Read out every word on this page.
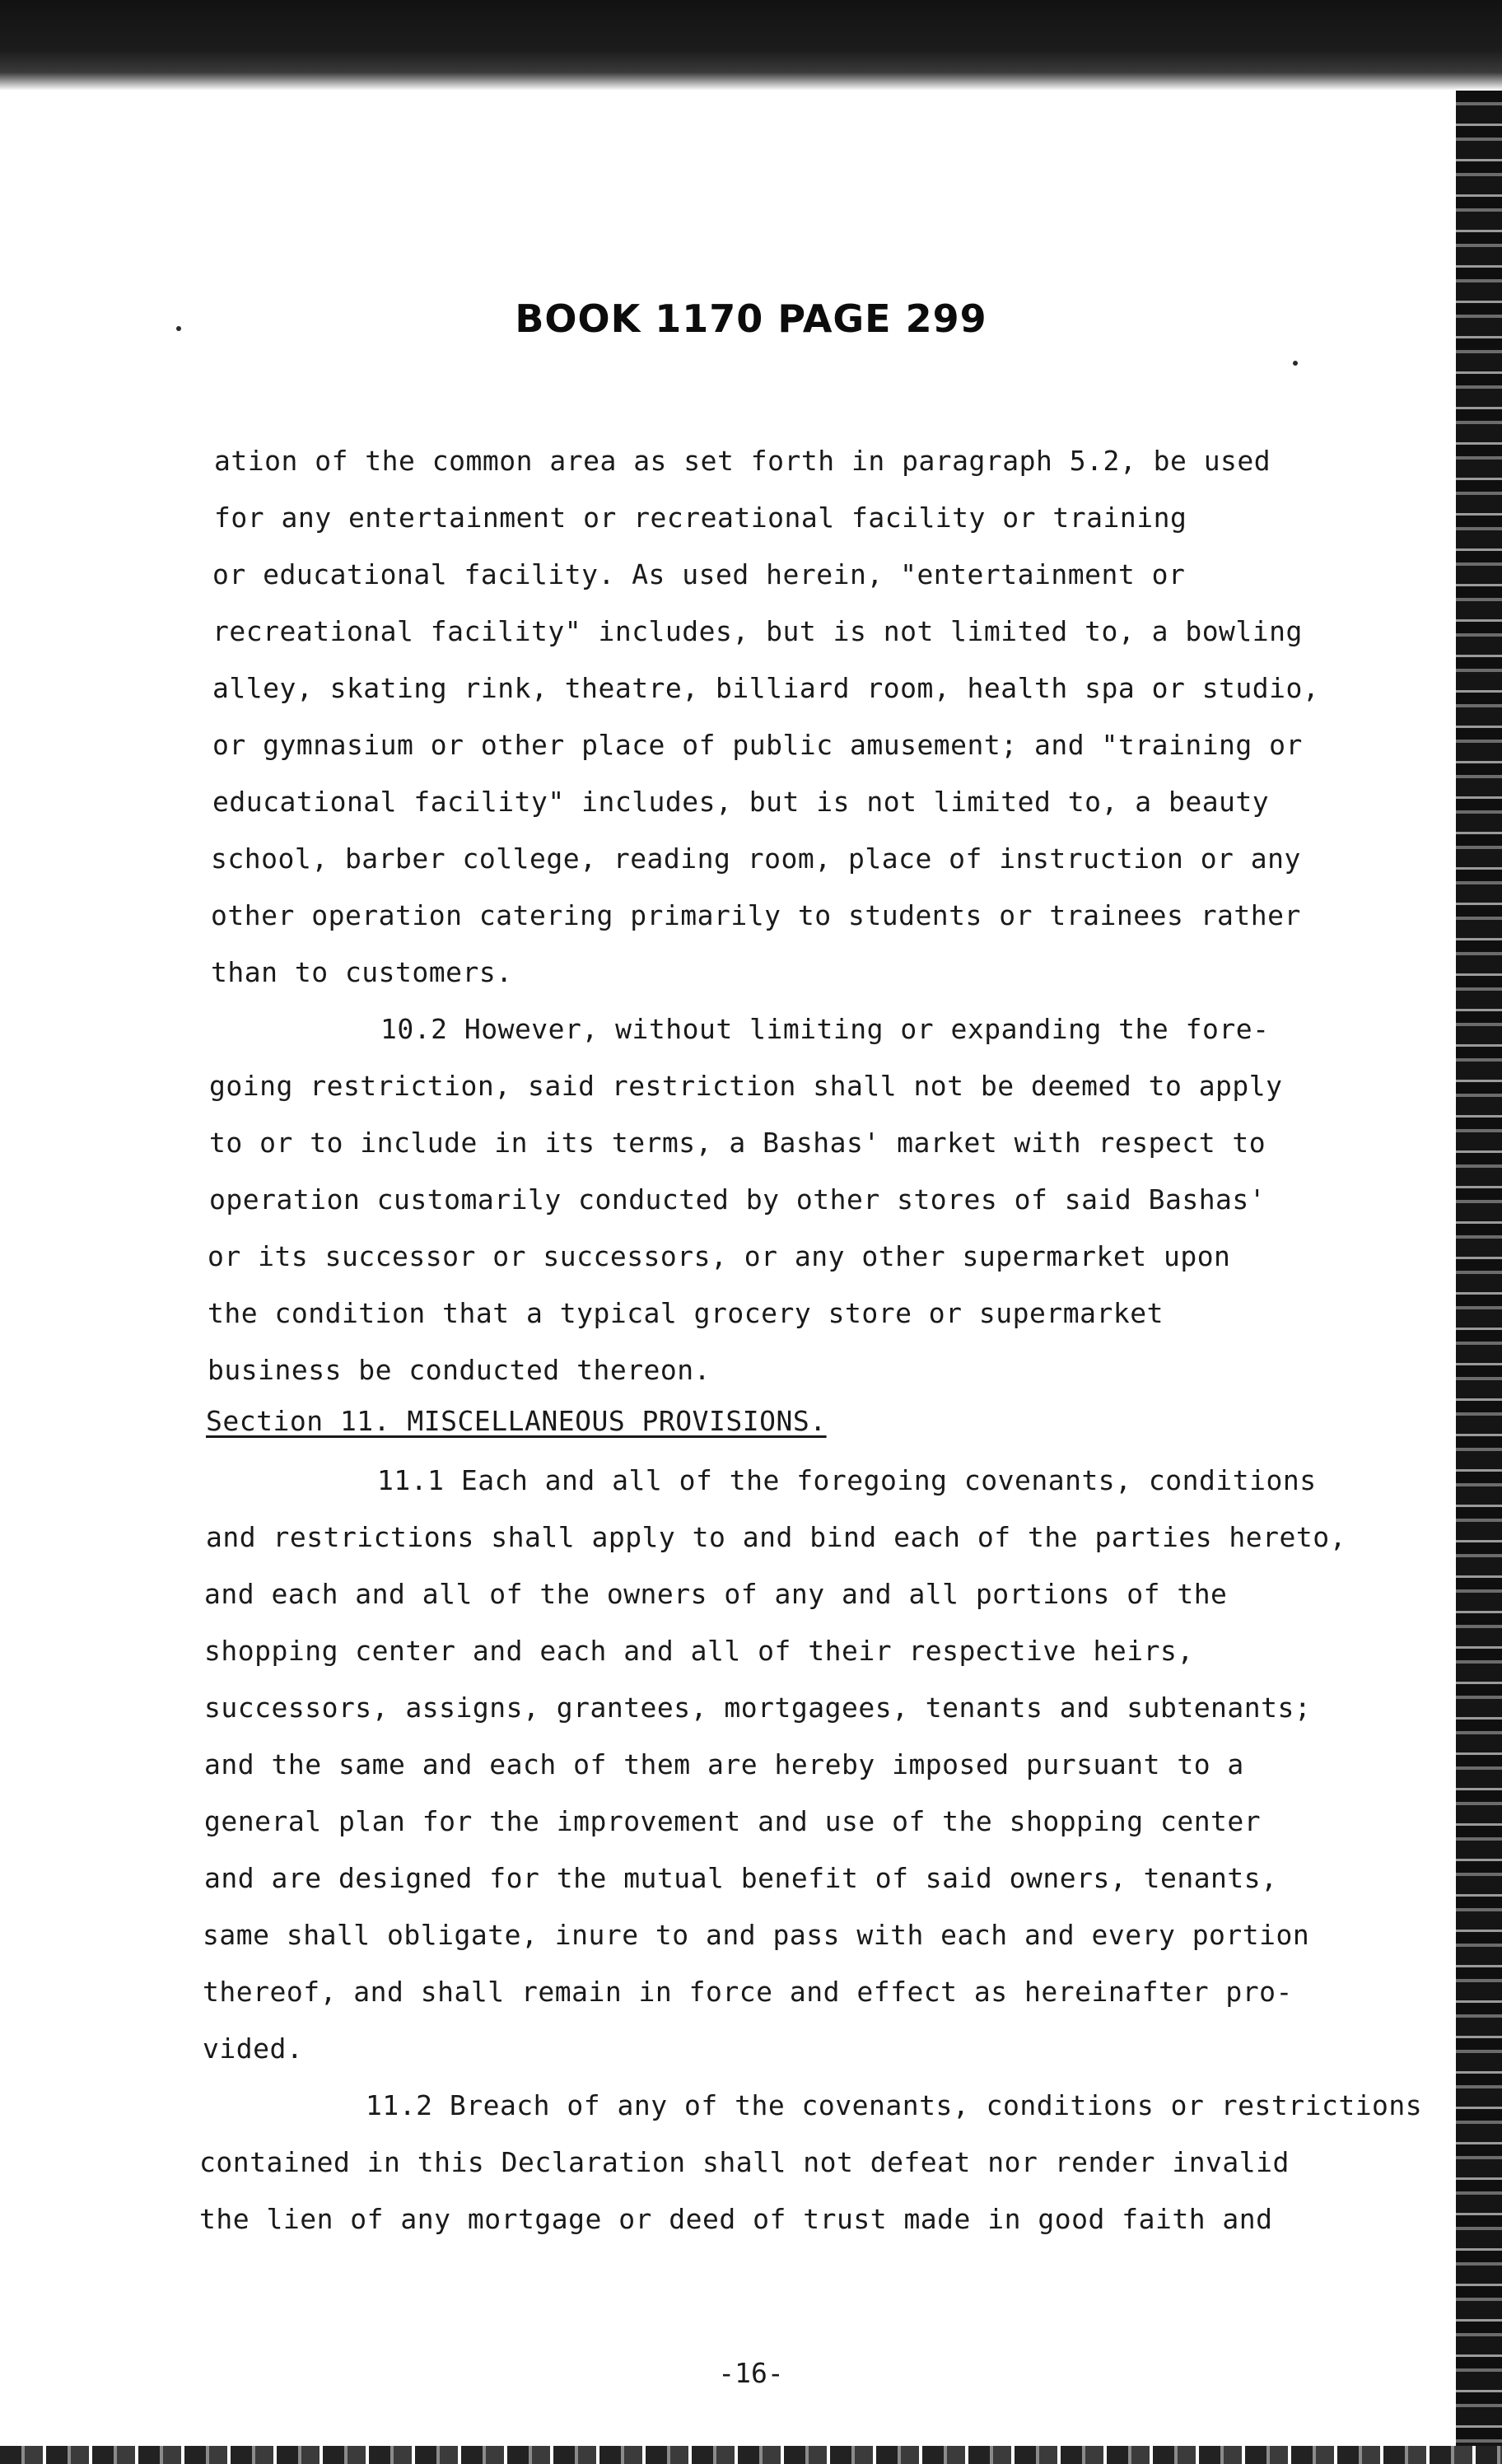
BOOK 1170 PAGE 299
ation of the common area as set forth in paragraph 5.2, be used
for any entertainment or recreational facility or training
or educational facility. As used herein, "entertainment or
recreational facility" includes, but is not limited to, a bowling
alley, skating rink, theatre, billiard room, health spa or studio,
or gymnasium or other place of public amusement; and "training or
educational facility" includes, but is not limited to, a beauty
school, barber college, reading room, place of instruction or any
other operation catering primarily to students or trainees rather
than to customers.
10.2 However, without limiting or expanding the fore-
going restriction, said restriction shall not be deemed to apply
to or to include in its terms, a Bashas' market with respect to
operation customarily conducted by other stores of said Bashas'
or its successor or successors, or any other supermarket upon
the condition that a typical grocery store or supermarket
business be conducted thereon.
Section 11. MISCELLANEOUS PROVISIONS.
11.1 Each and all of the foregoing covenants, conditions
and restrictions shall apply to and bind each of the parties hereto,
and each and all of the owners of any and all portions of the
shopping center and each and all of their respective heirs,
successors, assigns, grantees, mortgagees, tenants and subtenants;
and the same and each of them are hereby imposed pursuant to a
general plan for the improvement and use of the shopping center
and are designed for the mutual benefit of said owners, tenants,
same shall obligate, inure to and pass with each and every portion
thereof, and shall remain in force and effect as hereinafter pro-
vided.
11.2 Breach of any of the covenants, conditions or restrictions
contained in this Declaration shall not defeat nor render invalid
the lien of any mortgage or deed of trust made in good faith and
-16-
